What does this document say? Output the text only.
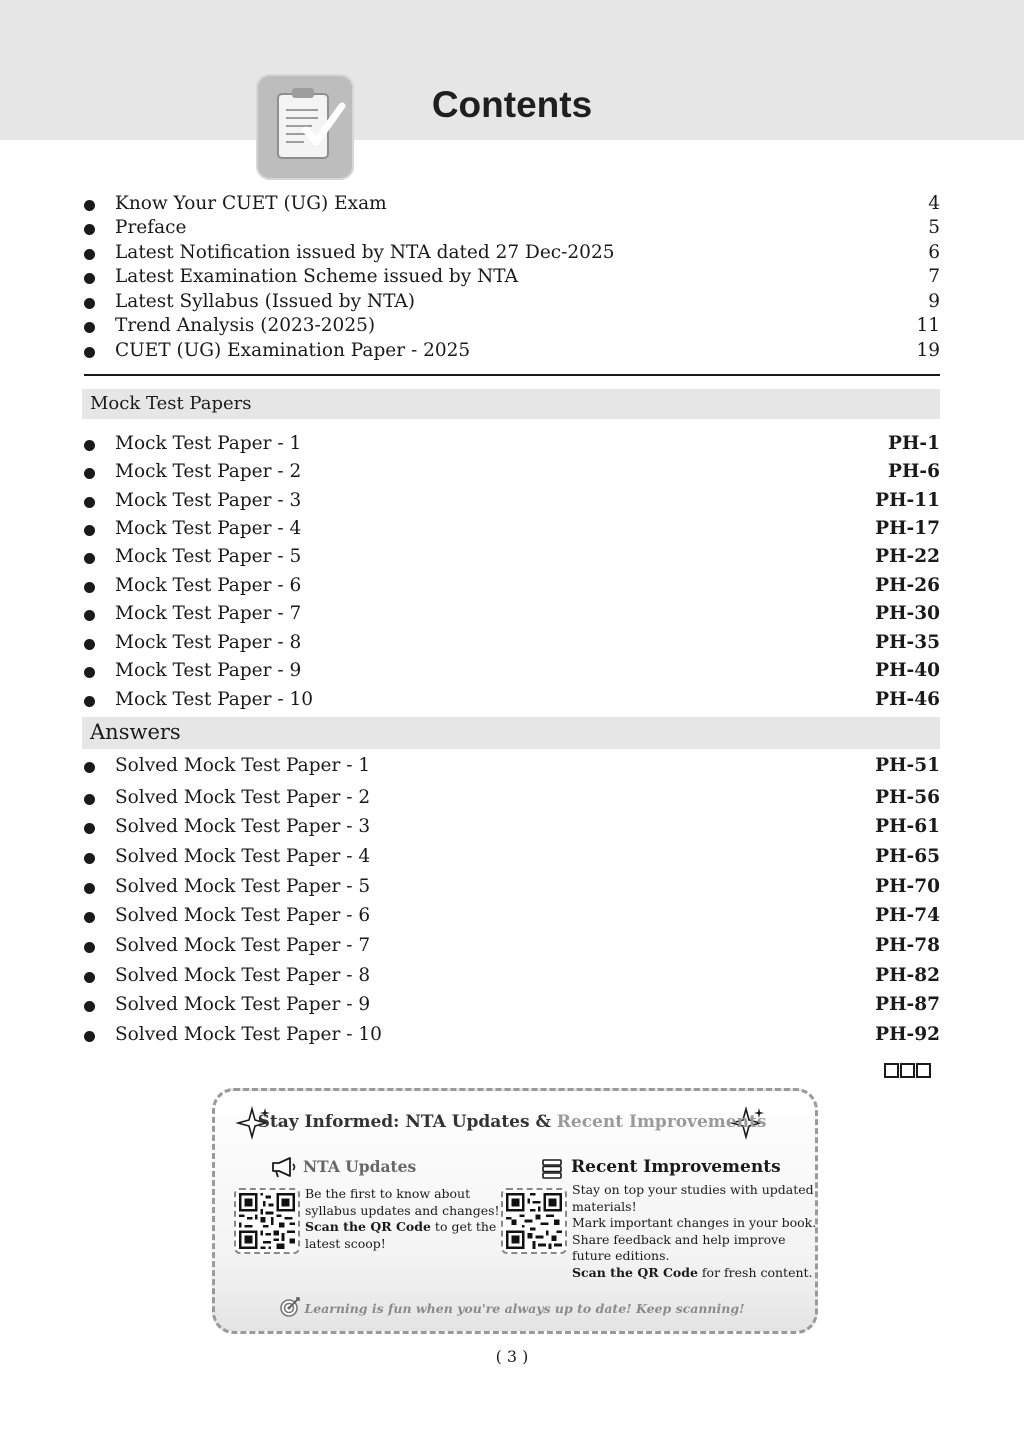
Contents
Know Your CUET (UG) Exam	4
Preface	5
Latest Notification issued by NTA dated 27 Dec-2025	6
Latest Examination Scheme issued by NTA	7
Latest Syllabus (Issued by NTA)	9
Trend Analysis (2023-2025)	11
CUET (UG) Examination Paper - 2025	19
Mock Test Papers
Mock Test Paper - 1	PH-1
Mock Test Paper - 2	PH-6
Mock Test Paper - 3	PH-11
Mock Test Paper - 4	PH-17
Mock Test Paper - 5	PH-22
Mock Test Paper - 6	PH-26
Mock Test Paper - 7	PH-30
Mock Test Paper - 8	PH-35
Mock Test Paper - 9	PH-40
Mock Test Paper - 10	PH-46
Answers
Solved Mock Test Paper - 1	PH-51
Solved Mock Test Paper - 2	PH-56
Solved Mock Test Paper - 3	PH-61
Solved Mock Test Paper - 4	PH-65
Solved Mock Test Paper - 5	PH-70
Solved Mock Test Paper - 6	PH-74
Solved Mock Test Paper - 7	PH-78
Solved Mock Test Paper - 8	PH-82
Solved Mock Test Paper - 9	PH-87
Solved Mock Test Paper - 10	PH-92
Stay Informed: NTA Updates & Recent Improvements
NTA Updates
Be the first to know about
syllabus updates and changes!
Scan the QR Code to get the
latest scoop!
Recent Improvements
Stay on top your studies with updated
materials!
Mark important changes in your book.
Share feedback and help improve
future editions.
Scan the QR Code for fresh content.
Learning is fun when you're always up to date! Keep scanning!
( 3 )
